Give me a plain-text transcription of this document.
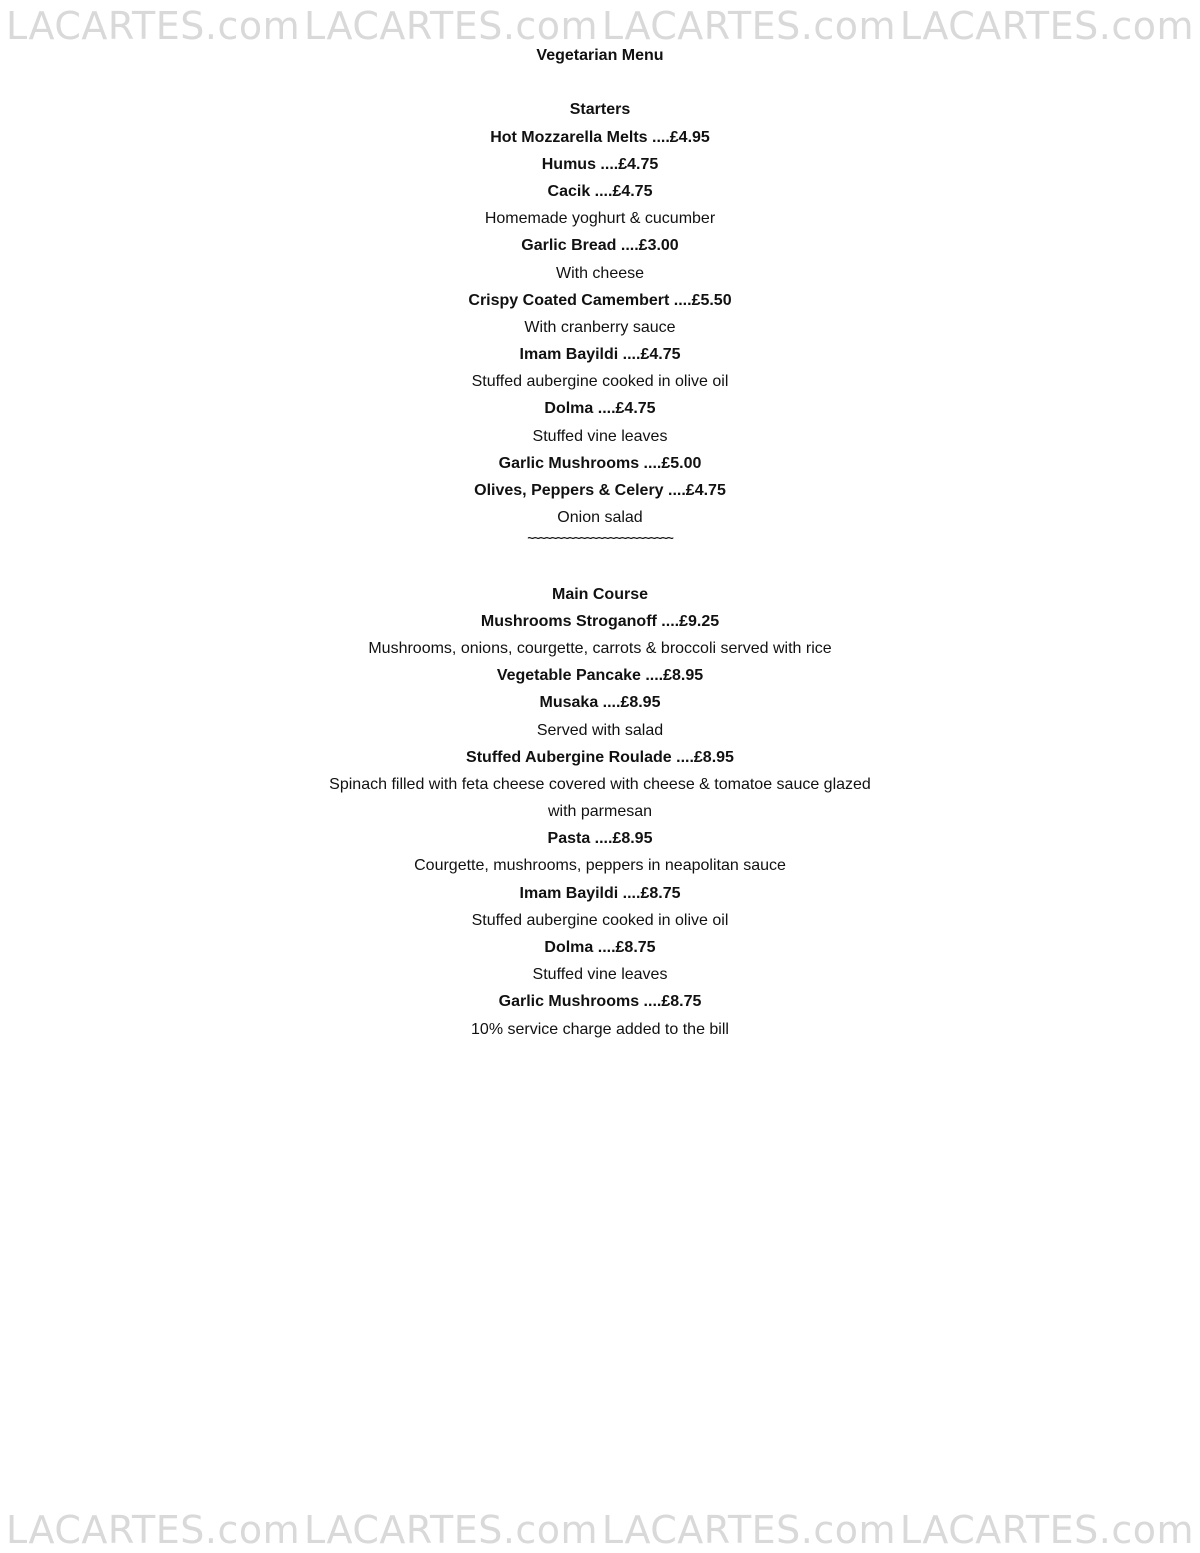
LACARTES.com LACARTES.com LACARTES.com LACARTES.com
Vegetarian Menu
Starters
Hot Mozzarella Melts ....£4.95
Humus ....£4.75
Cacik ....£4.75
Homemade yoghurt & cucumber
Garlic Bread ....£3.00
With cheese
Crispy Coated Camembert ....£5.50
With cranberry sauce
Imam Bayildi ....£4.75
Stuffed aubergine cooked in olive oil
Dolma ....£4.75
Stuffed vine leaves
Garlic Mushrooms ....£5.00
Olives, Peppers & Celery ....£4.75
Onion salad
~~~~~~~~~~~~~~~~~~~~~~~~~
Main Course
Mushrooms Stroganoff ....£9.25
Mushrooms, onions, courgette, carrots & broccoli served with rice
Vegetable Pancake ....£8.95
Musaka ....£8.95
Served with salad
Stuffed Aubergine Roulade ....£8.95
Spinach filled with feta cheese covered with cheese & tomatoe sauce glazed
with parmesan
Pasta ....£8.95
Courgette, mushrooms, peppers in neapolitan sauce
Imam Bayildi ....£8.75
Stuffed aubergine cooked in olive oil
Dolma ....£8.75
Stuffed vine leaves
Garlic Mushrooms ....£8.75
10% service charge added to the bill
LACARTES.com LACARTES.com LACARTES.com LACARTES.com
